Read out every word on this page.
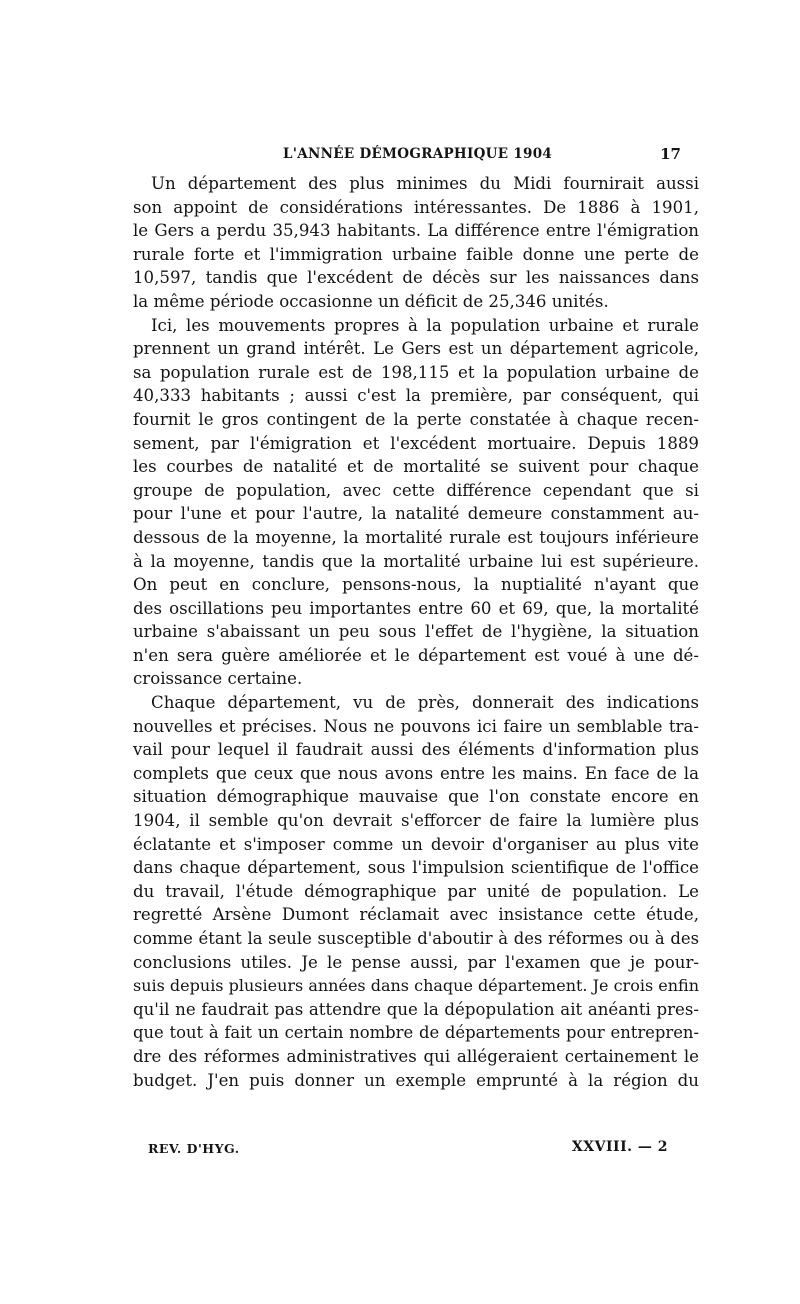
L'ANNÉE DÉMOGRAPHIQUE 1904	17
Un département des plus minimes du Midi fournirait aussi
son appoint de considérations intéressantes. De 1886 à 1901,
le Gers a perdu 35,943 habitants. La différence entre l'émigration
rurale forte et l'immigration urbaine faible donne une perte de
10,597, tandis que l'excédent de décès sur les naissances dans
la même période occasionne un déficit de 25,346 unités.
Ici, les mouvements propres à la population urbaine et rurale
prennent un grand intérêt. Le Gers est un département agricole,
sa population rurale est de 198,115 et la population urbaine de
40,333 habitants ; aussi c'est la première, par conséquent, qui
fournit le gros contingent de la perte constatée à chaque recen-
sement, par l'émigration et l'excédent mortuaire. Depuis 1889
les courbes de natalité et de mortalité se suivent pour chaque
groupe de population, avec cette différence cependant que si
pour l'une et pour l'autre, la natalité demeure constamment au-
dessous de la moyenne, la mortalité rurale est toujours inférieure
à la moyenne, tandis que la mortalité urbaine lui est supérieure.
On peut en conclure, pensons-nous, la nuptialité n'ayant que
des oscillations peu importantes entre 60 et 69, que, la mortalité
urbaine s'abaissant un peu sous l'effet de l'hygiène, la situation
n'en sera guère améliorée et le département est voué à une dé-
croissance certaine.
Chaque département, vu de près, donnerait des indications
nouvelles et précises. Nous ne pouvons ici faire un semblable tra-
vail pour lequel il faudrait aussi des éléments d'information plus
complets que ceux que nous avons entre les mains. En face de la
situation démographique mauvaise que l'on constate encore en
1904, il semble qu'on devrait s'efforcer de faire la lumière plus
éclatante et s'imposer comme un devoir d'organiser au plus vite
dans chaque département, sous l'impulsion scientifique de l'office
du travail, l'étude démographique par unité de population. Le
regretté Arsène Dumont réclamait avec insistance cette étude,
comme étant la seule susceptible d'aboutir à des réformes ou à des
conclusions utiles. Je le pense aussi, par l'examen que je pour-
suis depuis plusieurs années dans chaque département. Je crois enfin
qu'il ne faudrait pas attendre que la dépopulation ait anéanti pres-
que tout à fait un certain nombre de départements pour entrepren-
dre des réformes administratives qui allégeraient certainement le
budget. J'en puis donner un exemple emprunté à la région du
REV. D'HYG.	XXVIII. — 2
